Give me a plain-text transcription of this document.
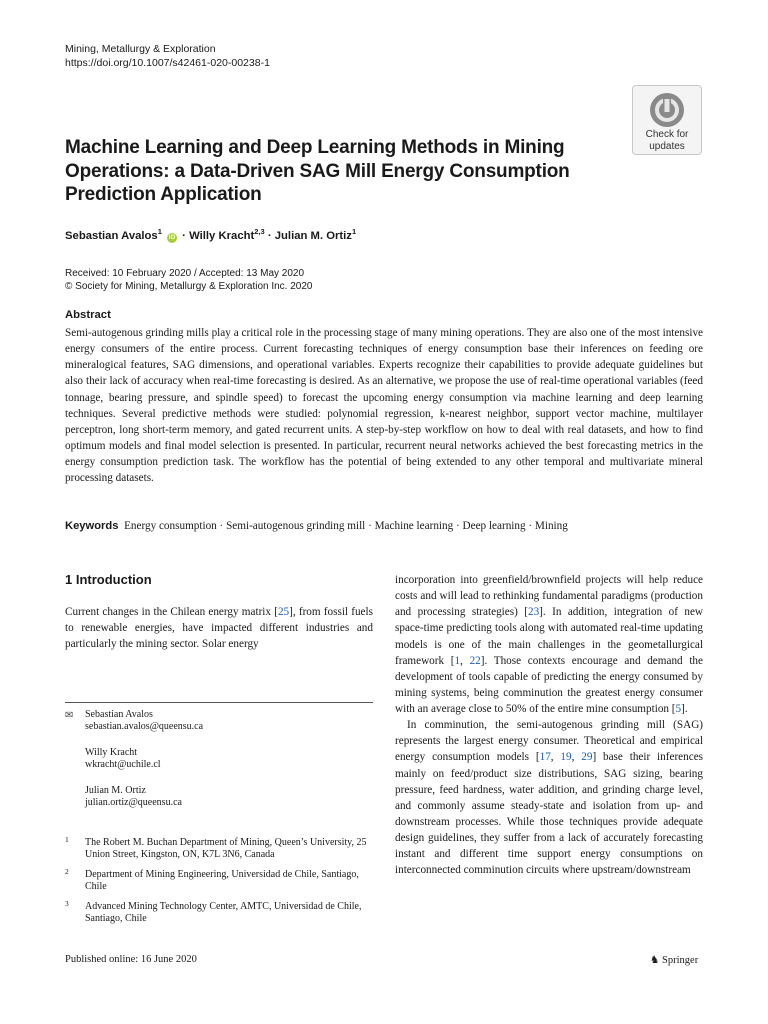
Mining, Metallurgy & Exploration
https://doi.org/10.1007/s42461-020-00238-1
Check for
updates
Machine Learning and Deep Learning Methods in Mining Operations: a Data-Driven SAG Mill Energy Consumption Prediction Application
Sebastian Avalos$^1$ iD · Willy Kracht$^{2,3}$ · Julian M. Ortiz$^1$
Received: 10 February 2020 / Accepted: 13 May 2020
© Society for Mining, Metallurgy & Exploration Inc. 2020
Abstract

Semi-autogenous grinding mills play a critical role in the processing stage of many mining operations. They are also one of the most intensive energy consumers of the entire process. Current forecasting techniques of energy consumption base their inferences on feeding ore mineralogical features, SAG dimensions, and operational variables. Experts recognize their capabilities to provide adequate guidelines but also their lack of accuracy when real-time forecasting is desired. As an alternative, we propose the use of real-time operational variables (feed tonnage, bearing pressure, and spindle speed) to forecast the upcoming energy consumption via machine learning and deep learning techniques. Several predictive methods were studied: polynomial regression, k-nearest neighbor, support vector machine, multilayer perceptron, long short-term memory, and gated recurrent units. A step-by-step workflow on how to deal with real datasets, and how to find optimum models and final model selection is presented. In particular, recurrent neural networks achieved the best forecasting metrics in the energy consumption prediction task. The workflow has the potential of being extended to any other temporal and multivariate mineral processing datasets.

Keywords Energy consumption · Semi-autogenous grinding mill · Machine learning · Deep learning · Mining
1 Introduction

Current changes in the Chilean energy matrix [25], from fossil fuels to renewable energies, have impacted different industries and particularly the mining sector. Solar energy

✉ Sebastian Avalos
sebastian.avalos@queensu.ca
Willy Kracht
wkracht@uchile.cl
Julian M. Ortiz
julian.ortiz@queensu.ca
1	The Robert M. Buchan Department of Mining, Queen’s University, 25 Union Street, Kingston, ON, K7L 3N6, Canada
2	Department of Mining Engineering, Universidad de Chile, Santiago, Chile
3	Advanced Mining Technology Center, AMTC, Universidad de Chile, Santiago, Chile

incorporation into greenfield/brownfield projects will help reduce costs and will lead to rethinking fundamental paradigms (production and processing strategies) [23]. In addition, integration of new space-time predicting tools along with automated real-time updating models is one of the main challenges in the geometallurgical framework [1, 22]. Those contexts encourage and demand the development of tools capable of predicting the energy consumed by mining systems, being comminution the greatest energy consumer with an average close to 50% of the entire mine consumption [5].

In comminution, the semi-autogenous grinding mill (SAG) represents the largest energy consumer. Theoretical and empirical energy consumption models [17, 19, 29] base their inferences mainly on feed/product size distributions, SAG sizing, bearing pressure, feed hardness, water addition, and grinding charge level, and commonly assume steady-state and isolation from up- and downstream processes. While those techniques provide adequate design guidelines, they suffer from a lack of accurately forecasting instant and different time support energy consumptions on interconnected comminution circuits where upstream/downstream

Published online: 16 June 2020	♞ Springer
